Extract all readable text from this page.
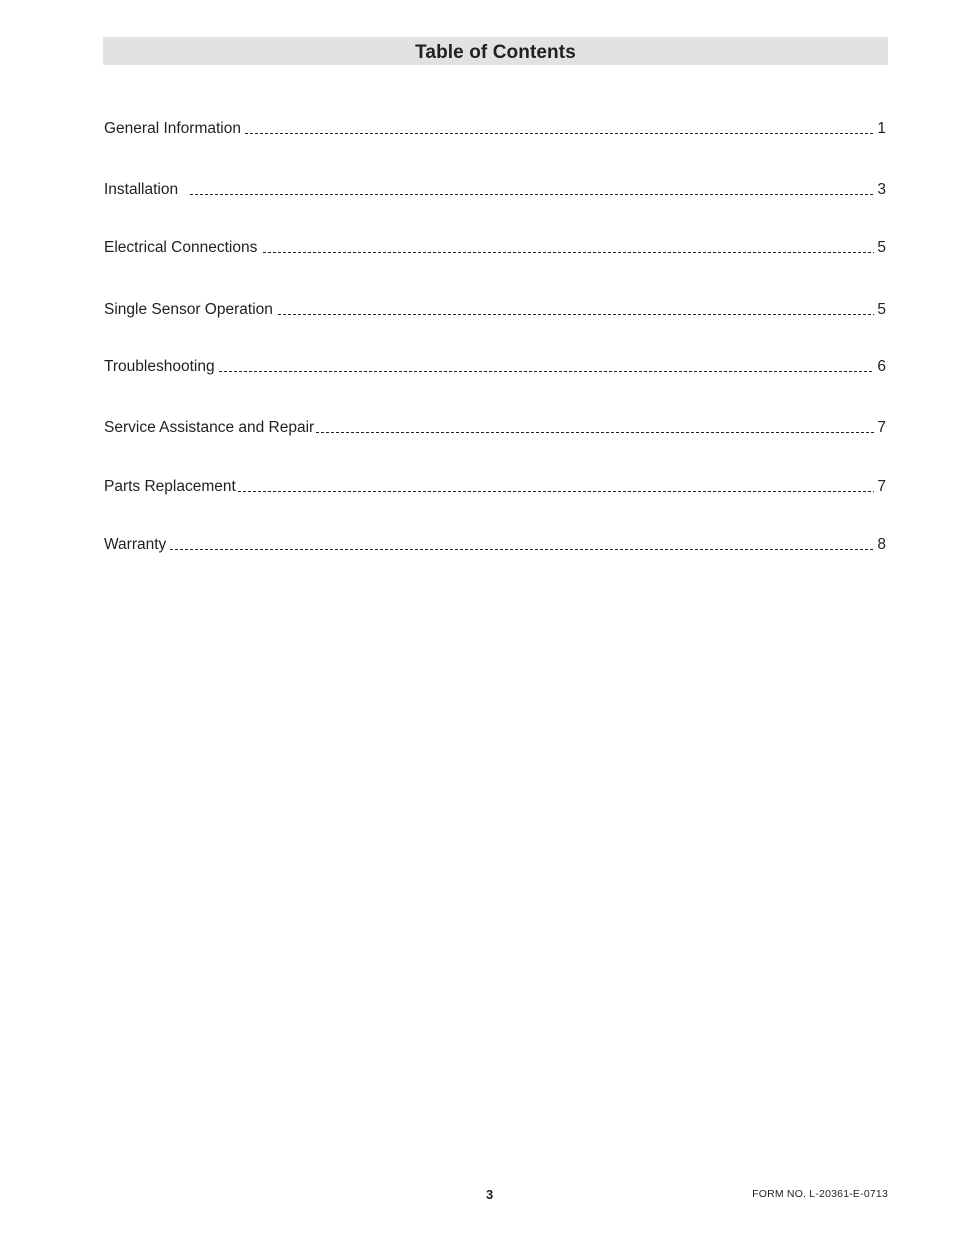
Table of Contents
General Information	1
Installation	3
Electrical Connections	5
Single Sensor Operation	5
Troubleshooting	6
Service Assistance and Repair	7
Parts Replacement	7
Warranty	8
3	FORM NO. L-20361-E-0713
